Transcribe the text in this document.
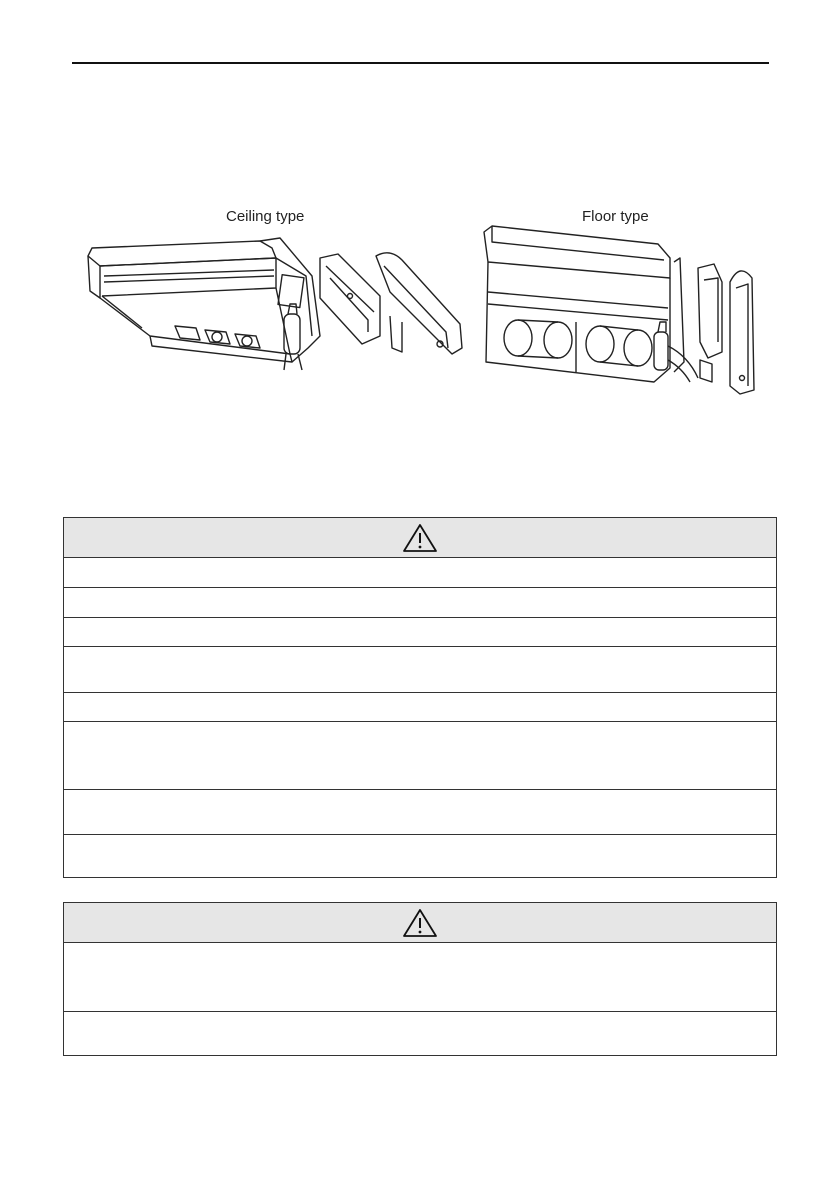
Ceiling type	Floor type
